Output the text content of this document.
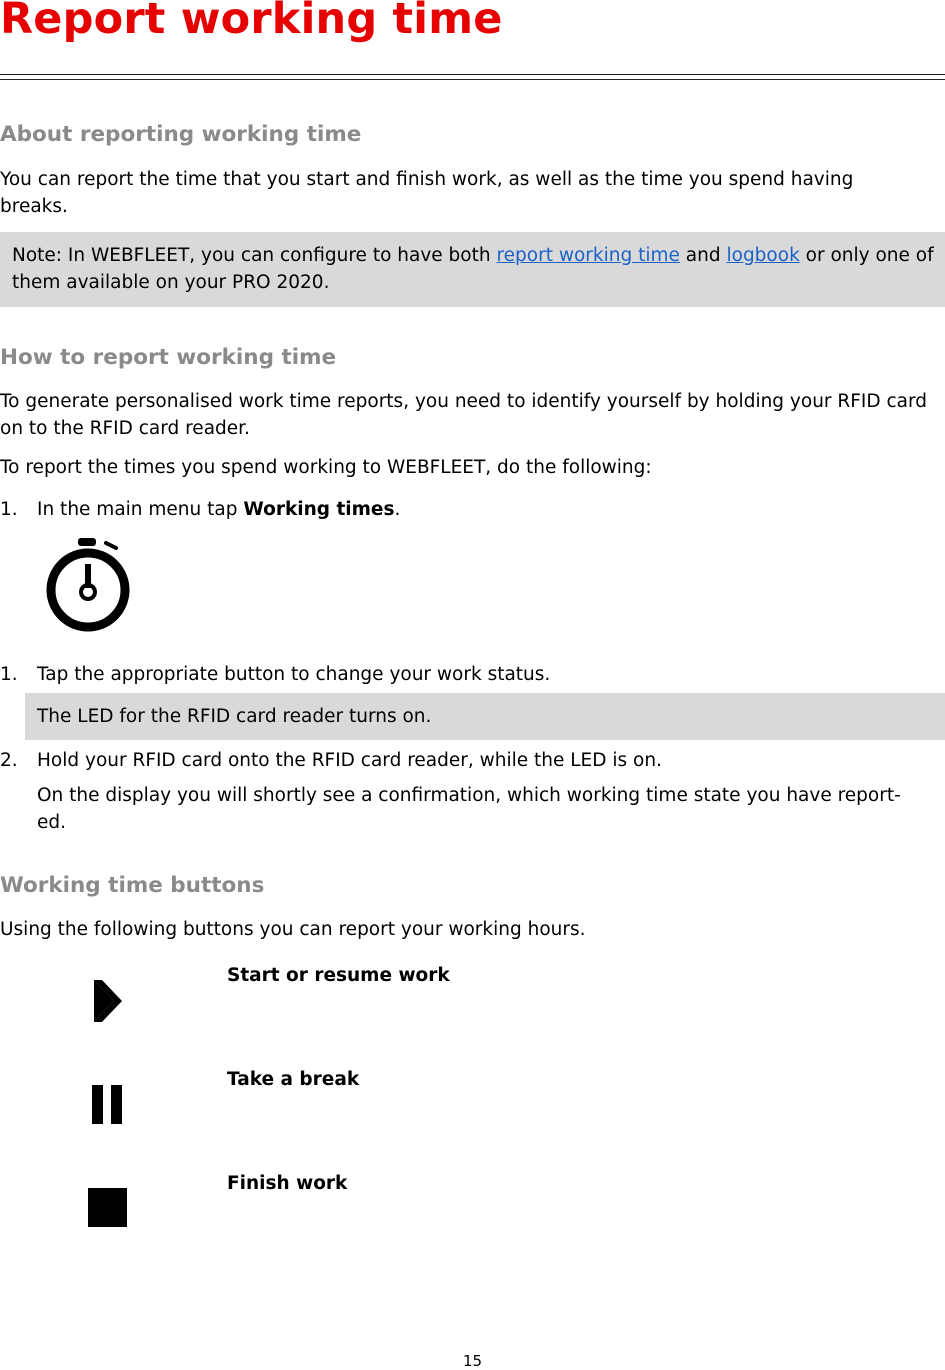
Report working time
About reporting working time

You can report the time that you start and finish work, as well as the time you spend having breaks.

Note: In WEBFLEET, you can configure to have both report working time and logbook or only one of them available on your PRO 2020.
How to report working time

To generate personalised work time reports, you need to identify yourself by holding your RFID card on to the RFID card reader.

To report the times you spend working to WEBFLEET, do the following:

1. In the main menu tap Working times.

1. Tap the appropriate button to change your work status.

The LED for the RFID card reader turns on.
2. Hold your RFID card onto the RFID card reader, while the LED is on.

On the display you will shortly see a confirmation, which working time state you have report-ed.

Working time buttons

Using the following buttons you can report your working hours.

Start or resume work
Take a break
Finish work
15
